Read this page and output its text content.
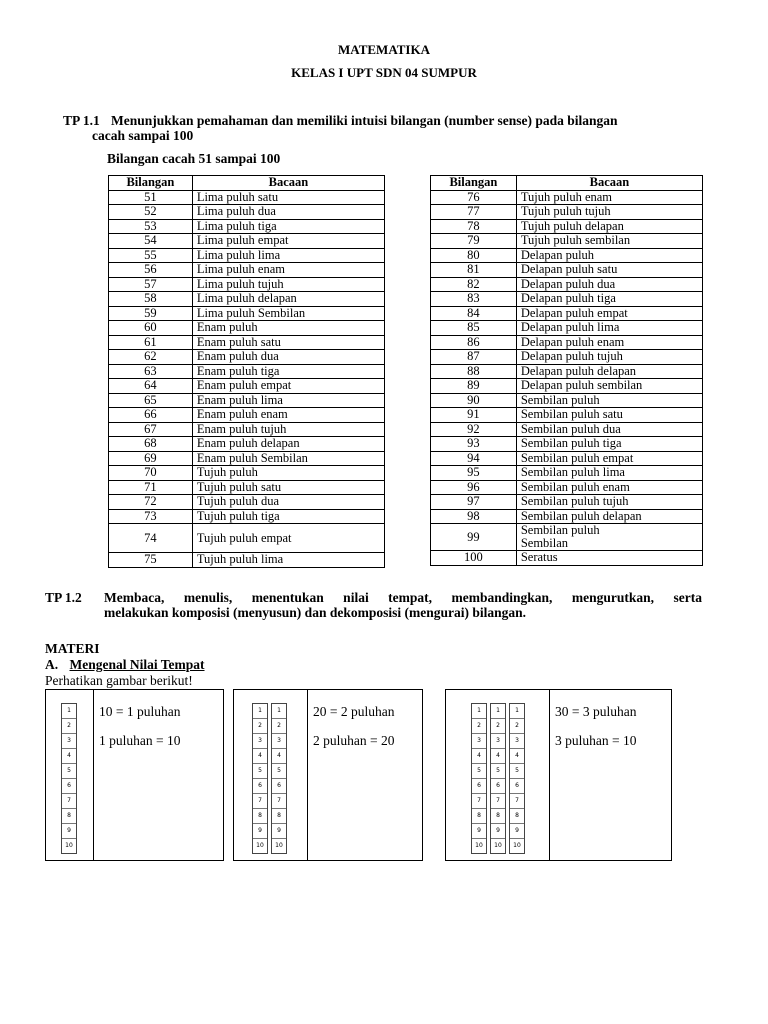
MATEMATIKA
KELAS I UPT SDN 04 SUMPUR
TP 1.1 Menunjukkan pemahaman dan memiliki intuisi bilangan (number sense) pada bilangan
cacah sampai 100
Bilangan cacah 51 sampai 100
Bilangan	Bacaan
51	Lima puluh satu
52	Lima puluh dua
53	Lima puluh tiga
54	Lima puluh empat
55	Lima puluh lima
56	Lima puluh enam
57	Lima puluh tujuh
58	Lima puluh delapan
59	Lima puluh Sembilan
60	Enam puluh
61	Enam puluh satu
62	Enam puluh dua
63	Enam puluh tiga
64	Enam puluh empat
65	Enam puluh lima
66	Enam puluh enam
67	Enam puluh tujuh
68	Enam puluh delapan
69	Enam puluh Sembilan
70	Tujuh puluh
71	Tujuh puluh satu
72	Tujuh puluh dua
73	Tujuh puluh tiga
74	Tujuh puluh empat
75	Tujuh puluh lima
Bilangan	Bacaan
76	Tujuh puluh enam
77	Tujuh puluh tujuh
78	Tujuh puluh delapan
79	Tujuh puluh sembilan
80	Delapan puluh
81	Delapan puluh satu
82	Delapan puluh dua
83	Delapan puluh tiga
84	Delapan puluh empat
85	Delapan puluh lima
86	Delapan puluh enam
87	Delapan puluh tujuh
88	Delapan puluh delapan
89	Delapan puluh sembilan
90	Sembilan puluh
91	Sembilan puluh satu
92	Sembilan puluh dua
93	Sembilan puluh tiga
94	Sembilan puluh empat
95	Sembilan puluh lima
96	Sembilan puluh enam
97	Sembilan puluh tujuh
98	Sembilan puluh delapan
99	Sembilan puluh
Sembilan
100	Seratus
TP 1.2 Membaca, menulis, menentukan nilai tempat, membandingkan, mengurutkan, serta
melakukan komposisi (menyusun) dan dekomposisi (mengurai) bilangan.
MATERI
A. Mengenal Nilai Tempat
Perhatikan gambar berikut!
1
2
3
4
5
6
7
8
9
10
10 = 1 puluhan
1 puluhan = 10
1
2
3
4
5
6
7
8
9
10
1
2
3
4
5
6
7
8
9
10
20 = 2 puluhan
2 puluhan = 20
1
2
3
4
5
6
7
8
9
10
1
2
3
4
5
6
7
8
9
10
1
2
3
4
5
6
7
8
9
10
30 = 3 puluhan
3 puluhan = 10
